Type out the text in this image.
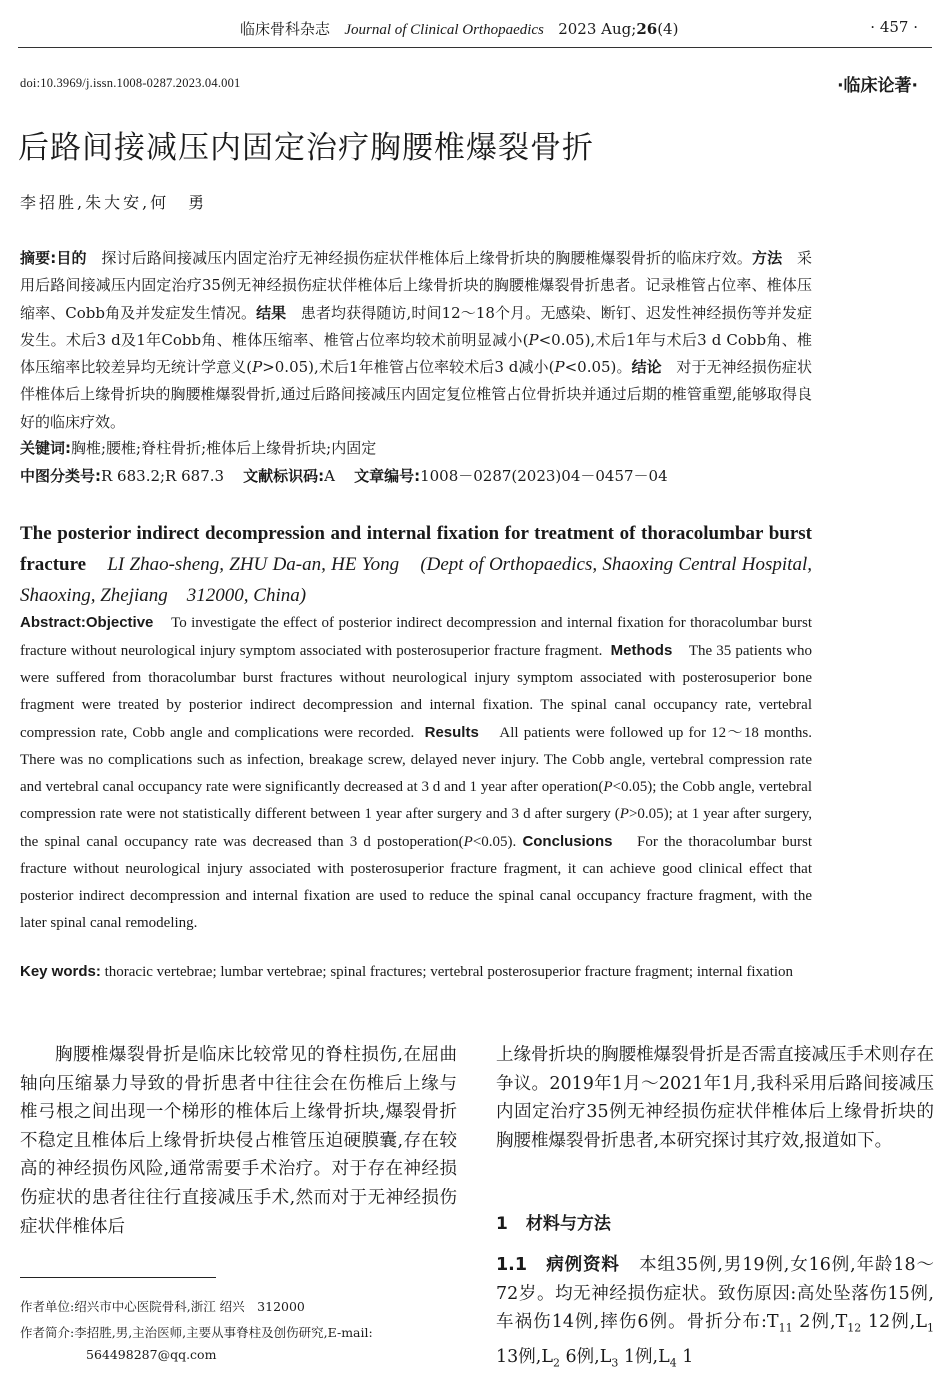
临床骨科杂志 Journal of Clinical Orthopaedics 2023 Aug;26(4)	· 457 ·
doi:10.3969/j.issn.1008-0287.2023.04.001	·临床论著·
后路间接减压内固定治疗胸腰椎爆裂骨折
李招胜,朱大安,何　勇
摘要:目的 探讨后路间接减压内固定治疗无神经损伤症状伴椎体后上缘骨折块的胸腰椎爆裂骨折的临床疗效。方法 采用后路间接减压内固定治疗35例无神经损伤症状伴椎体后上缘骨折块的胸腰椎爆裂骨折患者。记录椎管占位率、椎体压缩率、Cobb角及并发症发生情况。结果 患者均获得随访,时间12～18个月。无感染、断钉、迟发性神经损伤等并发症发生。术后3 d及1年Cobb角、椎体压缩率、椎管占位率均较术前明显减小(P<0.05),术后1年与术后3 d Cobb角、椎体压缩率比较差异均无统计学意义(P>0.05),术后1年椎管占位率较术后3 d减小(P<0.05)。结论 对于无神经损伤症状伴椎体后上缘骨折块的胸腰椎爆裂骨折,通过后路间接减压内固定复位椎管占位骨折块并通过后期的椎管重塑,能够取得良好的临床疗效。
关键词:胸椎;腰椎;脊柱骨折;椎体后上缘骨折块;内固定
中图分类号:R 683.2;R 687.3 文献标识码:A 文章编号:1008－0287(2023)04－0457－04
The posterior indirect decompression and internal fixation for treatment of thoracolumbar burst fracture LI Zhao-sheng, ZHU Da-an, HE Yong (Dept of Orthopaedics, Shaoxing Central Hospital, Shaoxing, Zhejiang　312000, China)
Abstract:Objective To investigate the effect of posterior indirect decompression and internal fixation for thoracolumbar burst fracture without neurological injury symptom associated with posterosuperior fracture fragment. Methods The 35 patients who were suffered from thoracolumbar burst fractures without neurological injury symptom associated with posterosuperior bone fragment were treated by posterior indirect decompression and internal fixation. The spinal canal occupancy rate, vertebral compression rate, Cobb angle and complications were recorded. Results All patients were followed up for 12～18 months. There was no complications such as infection, breakage screw, delayed never injury. The Cobb angle, vertebral compression rate and vertebral canal occupancy rate were significantly decreased at 3 d and 1 year after operation(P<0.05); the Cobb angle, vertebral compression rate were not statistically different between 1 year after surgery and 3 d after surgery (P>0.05); at 1 year after surgery, the spinal canal occupancy rate was decreased than 3 d postoperation(P<0.05). Conclusions For the thoracolumbar burst fracture without neurological injury associated with posterosuperior fracture fragment, it can achieve good clinical effect that posterior indirect decompression and internal fixation are used to reduce the spinal canal occupancy fracture fragment, with the later spinal canal remodeling.
Key words: thoracic vertebrae; lumbar vertebrae; spinal fractures; vertebral posterosuperior fracture fragment; internal fixation
胸腰椎爆裂骨折是临床比较常见的脊柱损伤,在屈曲轴向压缩暴力导致的骨折患者中往往会在伤椎后上缘与椎弓根之间出现一个梯形的椎体后上缘骨折块,爆裂骨折不稳定且椎体后上缘骨折块侵占椎管压迫硬膜囊,存在较高的神经损伤风险,通常需要手术治疗。对于存在神经损伤症状的患者往往行直接减压手术,然而对于无神经损伤症状伴椎体后
上缘骨折块的胸腰椎爆裂骨折是否需直接减压手术则存在争议。2019年1月～2021年1月,我科采用后路间接减压内固定治疗35例无神经损伤症状伴椎体后上缘骨折块的胸腰椎爆裂骨折患者,本研究探讨其疗效,报道如下。
1 材料与方法
1.1　病例资料 本组35例,男19例,女16例,年龄18～72岁。均无神经损伤症状。致伤原因:高处坠落伤15例,车祸伤14例,摔伤6例。骨折分布$:T_{11}$ 2例$,T_{12}$ 12例$,L_1$ 13例$,L_2$ 6例$,L_3$ 1例$,L_4$ 1
作者单位:绍兴市中心医院骨科,浙江 绍兴　312000
作者简介:李招胜,男,主治医师,主要从事脊柱及创伤研究,E-mail:
564498287@qq.com
